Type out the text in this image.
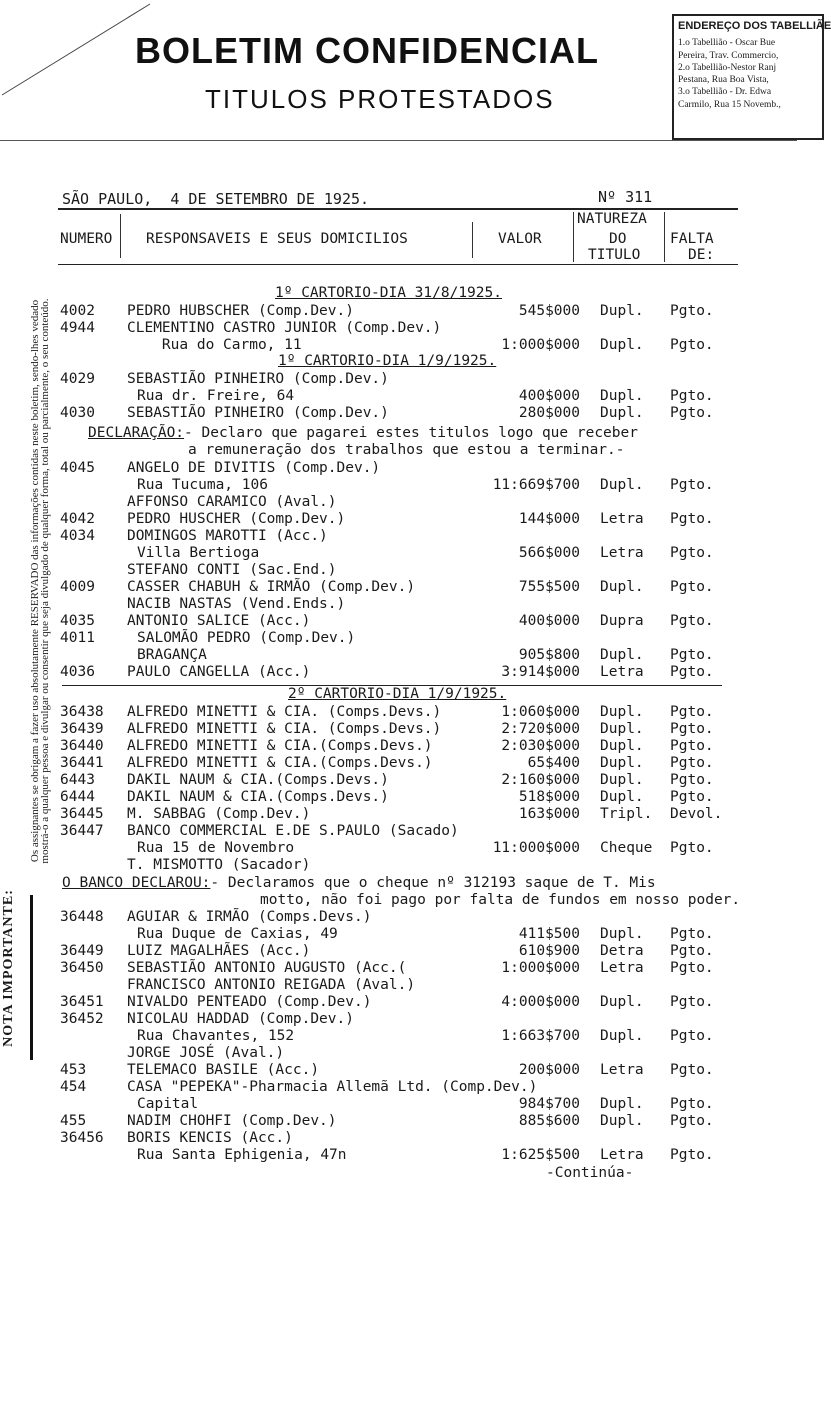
BOLETIM CONFIDENCIAL
TITULOS PROTESTADOS
ENDEREÇO DOS TABELLIÃE
1.o Tabellião - Oscar Bue
Pereira, Trav. Commercio,
2.o Tabellião-Nestor Ranj
Pestana, Rua Boa Vista,
3.o Tabellião - Dr. Edwa
Carmilo, Rua 15 Novemb.,
Os assignantes se obrigam a fazer uso absolutamente RESERVADO das informações contidas neste boletim, sendo-lhes vedado
mostrá-o a qualquer pessoa e divulgar ou consentir que seja divulgado de qualquer forma, total ou parcialmente, o seu conteúdo.
NOTA IMPORTANTE:
SÃO PAULO,  4 DE SETEMBRO DE 1925.	Nº 311
NUMERO RESPONSAVEIS E SEUS DOMICILIOS	VALOR
NATUREZA
DO
TITULO
FALTA
DE:
1º CARTORIO-DIA 31/8/1925.
1º CARTORIO-DIA 1/9/1925.
2º CARTORIO-DIA 1/9/1925.
DECLARAÇÃO:- Declaro que pagarei estes titulos logo que receber
a remuneração dos trabalhos que estou a terminar.-
O BANCO DECLAROU:- Declaramos que o cheque nº 312193 saque de T. Mis
motto, não foi pago por falta de fundos em nosso poder.
4002 PEDRO HUBSCHER (Comp.Dev.)	545$000 Dupl. Pgto.
4944 CLEMENTINO CASTRO JUNIOR (Comp.Dev.)
Rua do Carmo, 11	1:000$000 Dupl. Pgto.
4029 SEBASTIÃO PINHEIRO (Comp.Dev.)
Rua dr. Freire, 64	400$000 Dupl. Pgto.
4030 SEBASTIÃO PINHEIRO (Comp.Dev.)	280$000 Dupl. Pgto.
4045 ANGELO DE DIVITIS (Comp.Dev.)
Rua Tucuma, 106	11:669$700 Dupl. Pgto.
AFFONSO CARAMICO (Aval.)
4042 PEDRO HUSCHER (Comp.Dev.)	144$000 Letra Pgto.
4034 DOMINGOS MAROTTI (Acc.)
Villa Bertioga	566$000 Letra Pgto.
STEFANO CONTI (Sac.End.)
4009 CASSER CHABUH & IRMÃO (Comp.Dev.)	755$500 Dupl. Pgto.
NACIB NASTAS (Vend.Ends.)
4035 ANTONIO SALICE (Acc.)	400$000 Dupra Pgto.
4011	SALOMÃO PEDRO (Comp.Dev.)
BRAGANÇA	905$800 Dupl. Pgto.
4036 PAULO CANGELLA (Acc.)	3:914$000 Letra Pgto.
36438 ALFREDO MINETTI & CIA. (Comps.Devs.)	1:060$000 Dupl. Pgto.
36439 ALFREDO MINETTI & CIA. (Comps.Devs.)	2:720$000 Dupl. Pgto.
36440 ALFREDO MINETTI & CIA.(Comps.Devs.)	2:030$000 Dupl. Pgto.
36441 ALFREDO MINETTI & CIA.(Comps.Devs.)	65$400 Dupl. Pgto.
6443 DAKIL NAUM & CIA.(Comps.Devs.)	2:160$000 Dupl. Pgto.
6444 DAKIL NAUM & CIA.(Comps.Devs.)	518$000 Dupl. Pgto.
36445 M. SABBAG (Comp.Dev.)	163$000 Tripl. Devol.
36447 BANCO COMMERCIAL E.DE S.PAULO (Sacado)
Rua 15 de Novembro	11:000$000 Cheque Pgto.
T. MISMOTTO (Sacador)
36448 AGUIAR & IRMÃO (Comps.Devs.)
Rua Duque de Caxias, 49	411$500 Dupl. Pgto.
36449 LUIZ MAGALHÃES (Acc.)	610$900 Detra Pgto.
36450 SEBASTIÃO ANTONIO AUGUSTO (Acc.(	1:000$000 Letra Pgto.
FRANCISCO ANTONIO REIGADA (Aval.)
36451 NIVALDO PENTEADO (Comp.Dev.)	4:000$000 Dupl. Pgto.
36452 NICOLAU HADDAD (Comp.Dev.)
Rua Chavantes, 152	1:663$700 Dupl. Pgto.
JORGE JOSÉ (Aval.)
453	TELEMACO BASILE (Acc.)	200$000 Letra Pgto.
454	CASA "PEPEKA"-Pharmacia Allemã Ltd. (Comp.Dev.)
Capital	984$700 Dupl. Pgto.
455	NADIM CHOHFI (Comp.Dev.)	885$600 Dupl. Pgto.
36456 BORIS KENCIS (Acc.)
Rua Santa Ephigenia, 47n	1:625$500 Letra Pgto.
-Continúa-
